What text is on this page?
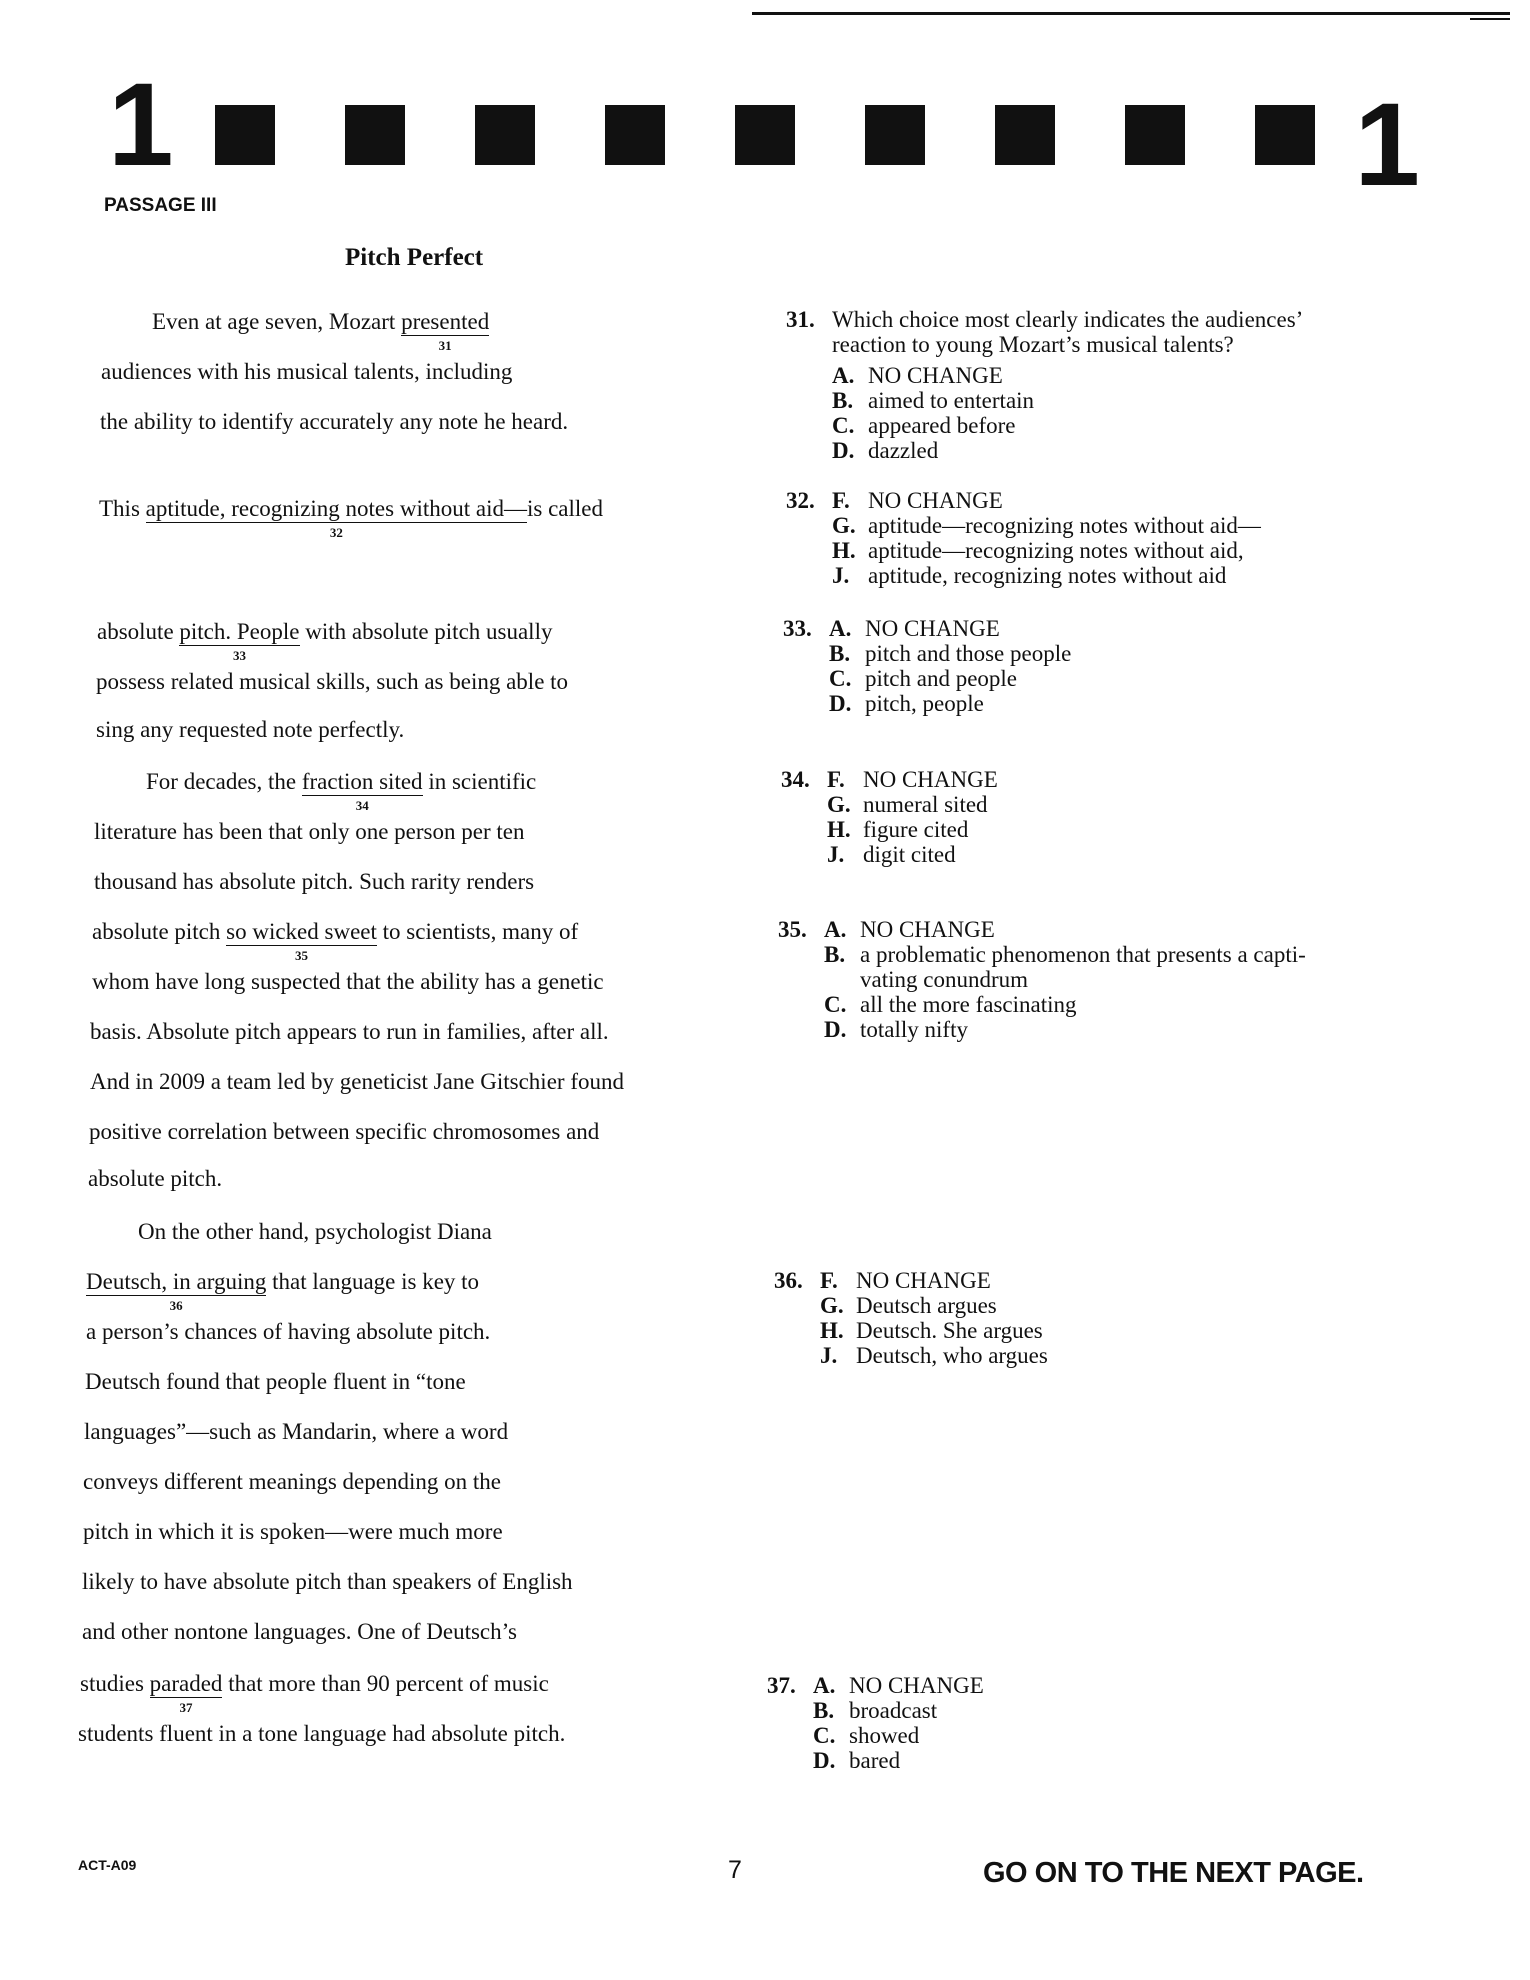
1	1
PASSAGE III
Pitch Perfect
Even at age seven, Mozart presented
31
audiences with his musical talents, including
the ability to identify accurately any note he heard.
This aptitude, recognizing notes without aid—
32
is called
absolute pitch. People
33
with absolute pitch usually
possess related musical skills, such as being able to
sing any requested note perfectly.
For decades, the fraction sited
34
in scientific
literature has been that only one person per ten
thousand has absolute pitch. Such rarity renders
absolute pitch so wicked sweet
35
to scientists, many of
whom have long suspected that the ability has a genetic
basis. Absolute pitch appears to run in families, after all.
And in 2009 a team led by geneticist Jane Gitschier found
positive correlation between specific chromosomes and
absolute pitch.
On the other hand, psychologist Diana
Deutsch, in arguing
36
that language is key to
a person’s chances of having absolute pitch.
Deutsch found that people fluent in “tone
languages”—such as Mandarin, where a word
conveys different meanings depending on the
pitch in which it is spoken—were much more
likely to have absolute pitch than speakers of English
and other nontone languages. One of Deutsch’s
studies paraded
37
that more than 90 percent of music
students fluent in a tone language had absolute pitch.
31. Which choice most clearly indicates the audiences’
reaction to young Mozart’s musical talents?
A. NO CHANGE
B. aimed to entertain
C. appeared before
D. dazzled
32. F. NO CHANGE
G. aptitude—recognizing notes without aid—
H. aptitude—recognizing notes without aid,
J. aptitude, recognizing notes without aid
33. A. NO CHANGE
B. pitch and those people
C. pitch and people
D. pitch, people
34. F. NO CHANGE
G. numeral sited
H. figure cited
J. digit cited
35. A. NO CHANGE
B. a problematic phenomenon that presents a capti-
vating conundrum
C. all the more fascinating
D. totally nifty
36. F. NO CHANGE
G. Deutsch argues
H. Deutsch. She argues
J. Deutsch, who argues
37. A. NO CHANGE
B. broadcast
C. showed
D. bared
ACT-A09	7	GO ON TO THE NEXT PAGE.
